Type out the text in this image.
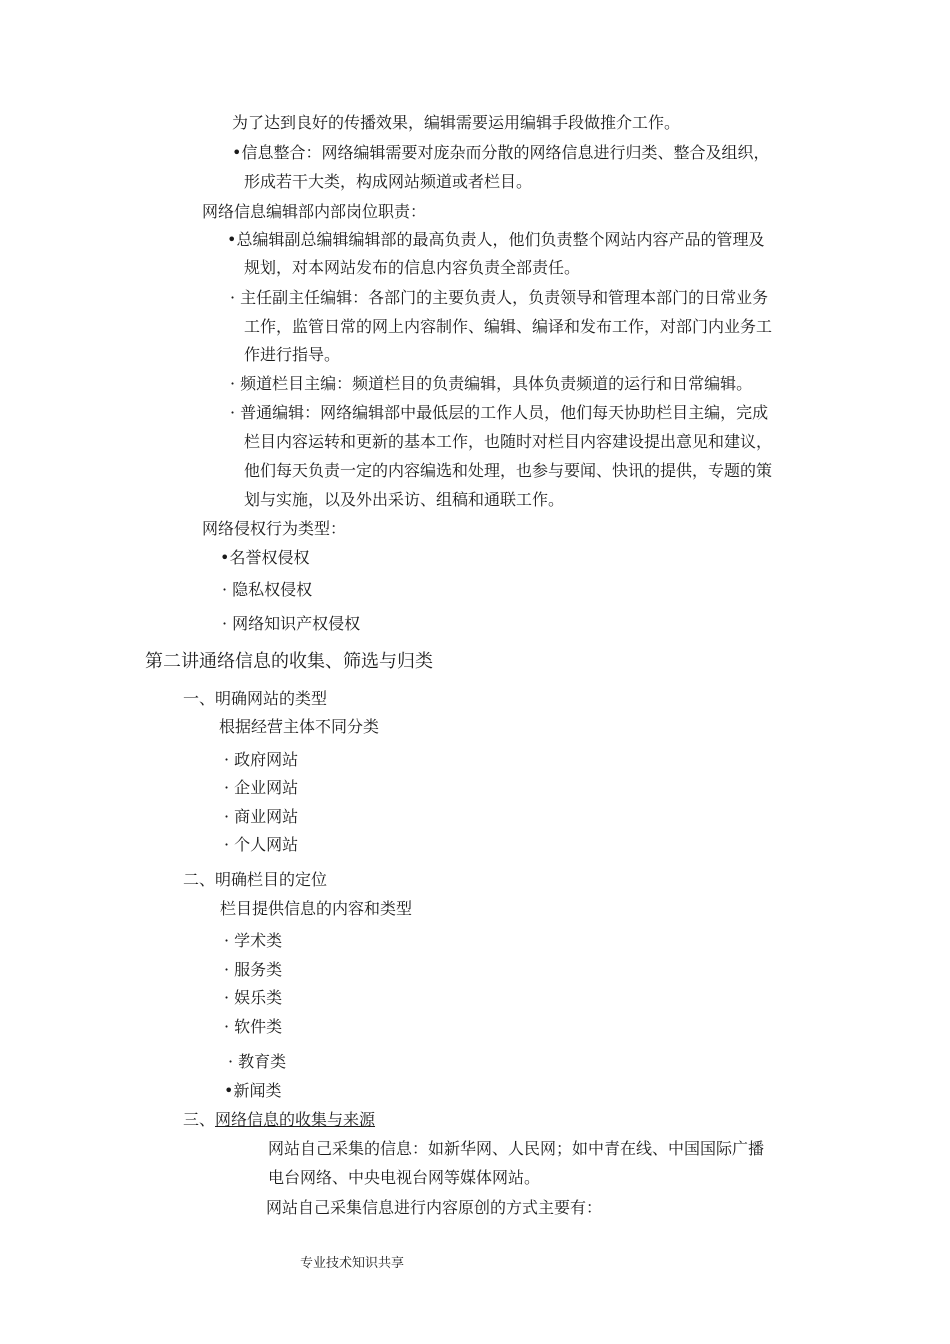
为了达到良好的传播效果，编辑需要运用编辑手段做推介工作。
•信息整合：网络编辑需要对庞杂而分散的网络信息进行归类、整合及组织，
形成若干大类，构成网站频道或者栏目。
网络信息编辑部内部岗位职责：
•总编辑副总编辑编辑部的最高负责人，他们负责整个网站内容产品的管理及
规划，对本网站发布的信息内容负责全部责任。
· 主任副主任编辑：各部门的主要负责人，负责领导和管理本部门的日常业务
工作，监管日常的网上内容制作、编辑、编译和发布工作，对部门内业务工
作进行指导。
· 频道栏目主编：频道栏目的负责编辑，具体负责频道的运行和日常编辑。
· 普通编辑：网络编辑部中最低层的工作人员，他们每天协助栏目主编，完成
栏目内容运转和更新的基本工作，也随时对栏目内容建设提出意见和建议，
他们每天负责一定的内容编选和处理，也参与要闻、快讯的提供，专题的策
划与实施，以及外出采访、组稿和通联工作。
网络侵权行为类型：
•名誉权侵权
· 隐私权侵权
· 网络知识产权侵权
第二讲通络信息的收集、筛选与归类
一、明确网站的类型
根据经营主体不同分类
· 政府网站
· 企业网站
· 商业网站
· 个人网站
二、明确栏目的定位
栏目提供信息的内容和类型
· 学术类
· 服务类
· 娱乐类
· 软件类
· 教育类
•新闻类
三、网络信息的收集与来源
网站自己采集的信息：如新华网、人民网；如中青在线、中国国际广播
电台网络、中央电视台网等媒体网站。
网站自己采集信息进行内容原创的方式主要有：
专业技术知识共享
